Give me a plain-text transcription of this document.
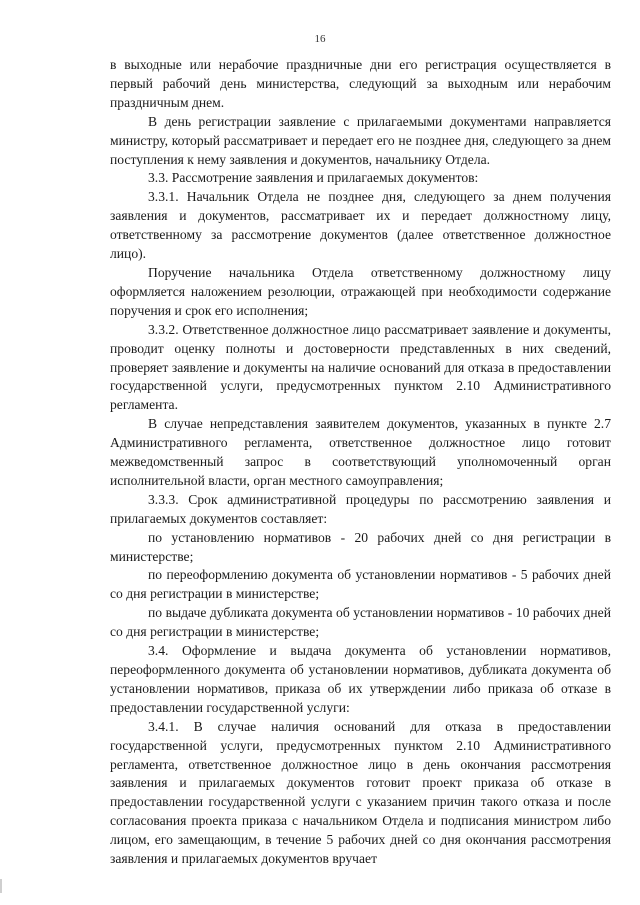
16

в выходные или нерабочие праздничные дни его регистрация осуществляется в первый рабочий день министерства, следующий за выходным или нерабочим праздничным днем.

В день регистрации заявление с прилагаемыми документами направляется министру, который рассматривает и передает его не позднее дня, следующего за днем поступления к нему заявления и документов, начальнику Отдела.

3.3. Рассмотрение заявления и прилагаемых документов:

3.3.1. Начальник Отдела не позднее дня, следующего за днем получения заявления и документов, рассматривает их и передает должностному лицу, ответственному за рассмотрение документов (далее ответственное должностное лицо).

Поручение начальника Отдела ответственному должностному лицу оформляется наложением резолюции, отражающей при необходимости содержание поручения и срок его исполнения;

3.3.2. Ответственное должностное лицо рассматривает заявление и документы, проводит оценку полноты и достоверности представленных в них сведений, проверяет заявление и документы на наличие оснований для отказа в предоставлении государственной услуги, предусмотренных пунктом 2.10 Административного регламента.

В случае непредставления заявителем документов, указанных в пункте 2.7 Административного регламента, ответственное должностное лицо готовит межведомственный запрос в соответствующий уполномоченный орган исполнительной власти, орган местного самоуправления;

3.3.3. Срок административной процедуры по рассмотрению заявления и прилагаемых документов составляет:

по установлению нормативов - 20 рабочих дней со дня регистрации в министерстве;

по переоформлению документа об установлении нормативов - 5 рабочих дней со дня регистрации в министерстве;

по выдаче дубликата документа об установлении нормативов - 10 рабочих дней со дня регистрации в министерстве;

3.4. Оформление и выдача документа об установлении нормативов, переоформленного документа об установлении нормативов, дубликата документа об установлении нормативов, приказа об их утверждении либо приказа об отказе в предоставлении государственной услуги:

3.4.1. В случае наличия оснований для отказа в предоставлении государственной услуги, предусмотренных пунктом 2.10 Административного регламента, ответственное должностное лицо в день окончания рассмотрения заявления и прилагаемых документов готовит проект приказа об отказе в предоставлении государственной услуги с указанием причин такого отказа и после согласования проекта приказа с начальником Отдела и подписания министром либо лицом, его замещающим, в течение 5 рабочих дней со дня окончания рассмотрения заявления и прилагаемых документов вручает
